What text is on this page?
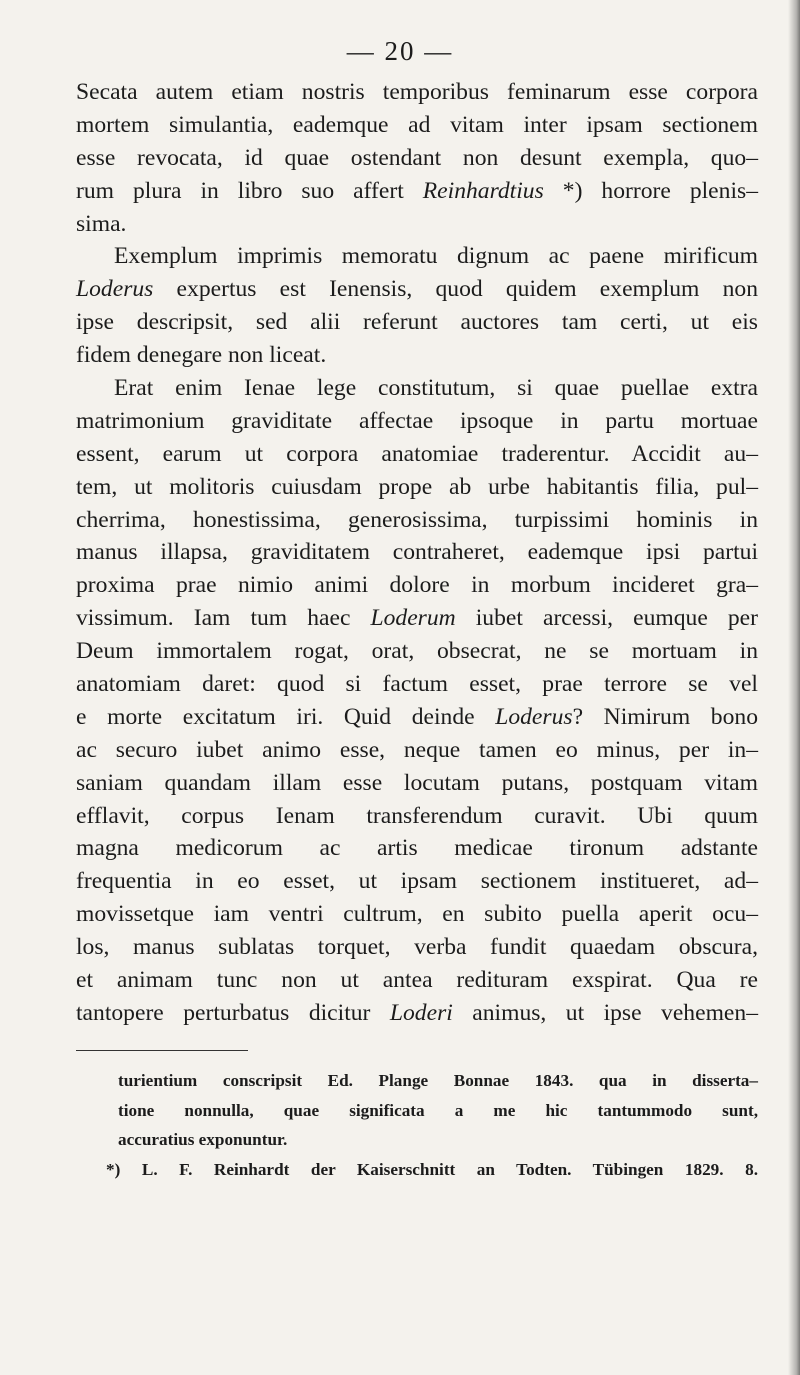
— 20 —
Secata autem etiam nostris temporibus feminarum esse corpora
mortem simulantia, eademque ad vitam inter ipsam sectionem
esse revocata, id quae ostendant non desunt exempla, quo–
rum plura in libro suo affert Reinhardtius *) horrore plenis–
sima.
Exemplum imprimis memoratu dignum ac paene mirificum
Loderus expertus est Ienensis, quod quidem exemplum non
ipse descripsit, sed alii referunt auctores tam certi, ut eis
fidem denegare non liceat.
Erat enim Ienae lege constitutum, si quae puellae extra
matrimonium graviditate affectae ipsoque in partu mortuae
essent, earum ut corpora anatomiae traderentur. Accidit au–
tem, ut molitoris cuiusdam prope ab urbe habitantis filia, pul–
cherrima, honestissima, generosissima, turpissimi hominis in
manus illapsa, graviditatem contraheret, eademque ipsi partui
proxima prae nimio animi dolore in morbum incideret gra–
vissimum. Iam tum haec Loderum iubet arcessi, eumque per
Deum immortalem rogat, orat, obsecrat, ne se mortuam in
anatomiam daret: quod si factum esset, prae terrore se vel
e morte excitatum iri. Quid deinde Loderus? Nimirum bono
ac securo iubet animo esse, neque tamen eo minus, per in–
saniam quandam illam esse locutam putans, postquam vitam
efflavit, corpus Ienam transferendum curavit. Ubi quum
magna medicorum ac artis medicae tironum adstante
frequentia in eo esset, ut ipsam sectionem institueret, ad–
movissetque iam ventri cultrum, en subito puella aperit ocu–
los, manus sublatas torquet, verba fundit quaedam obscura,
et animam tunc non ut antea redituram exspirat. Qua re
tantopere perturbatus dicitur Loderi animus, ut ipse vehemen–
turientium conscripsit Ed. Plange Bonnae 1843. qua in disserta–
tione nonnulla, quae significata a me hic tantummodo sunt,
accuratius exponuntur.
*) L. F. Reinhardt der Kaiserschnitt an Todten. Tübingen 1829. 8.
